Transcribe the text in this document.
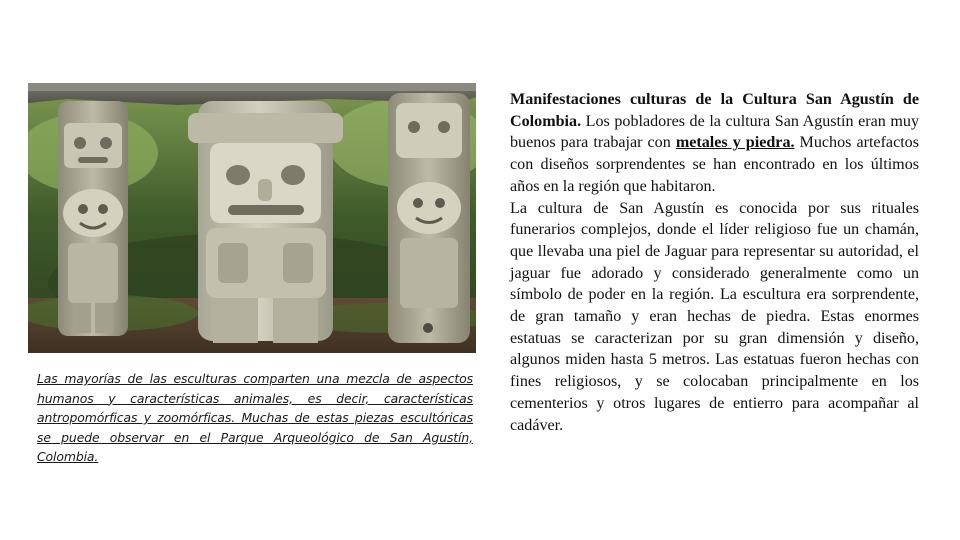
Las mayorías de las esculturas comparten una mezcla de aspectos humanos y características animales, es decir, características antropomórficas y zoomórficas. Muchas de estas piezas escultóricas se puede observar en el Parque Arqueológico de San Agustín, Colombia.

Manifestaciones culturas de la Cultura San Agustín de Colombia. Los pobladores de la cultura San Agustín eran muy buenos para trabajar con metales y piedra. Muchos artefactos con diseños sorprendentes se han encontrado en los últimos años en la región que habitaron.

La cultura de San Agustín es conocida por sus rituales funerarios complejos, donde el líder religioso fue un chamán, que llevaba una piel de Jaguar para representar su autoridad, el jaguar fue adorado y considerado generalmente como un símbolo de poder en la región. La escultura era sorprendente, de gran tamaño y eran hechas de piedra. Estas enormes estatuas se caracterizan por su gran dimensión y diseño, algunos miden hasta 5 metros. Las estatuas fueron hechas con fines religiosos, y se colocaban principalmente en los cementerios y otros lugares de entierro para acompañar al cadáver.
